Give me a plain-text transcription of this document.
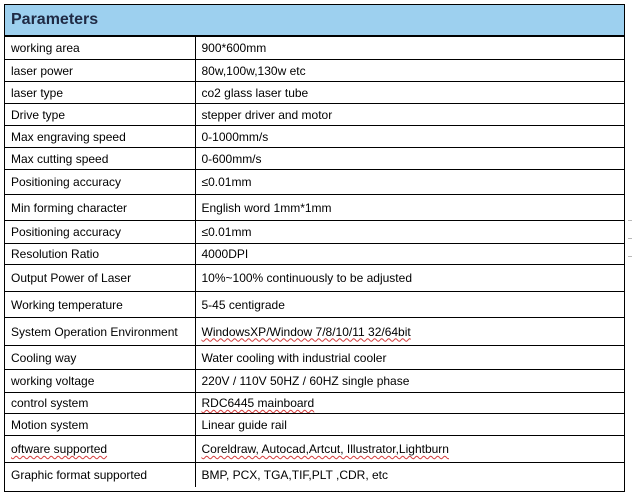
Parameters
working area	900*600mm
laser power	80w,100w,130w etc
laser type	co2 glass laser tube
Drive type	stepper driver and motor
Max engraving speed	0-1000mm/s
Max cutting speed	0-600mm/s
Positioning accuracy	≤0.01mm
Min forming character	English word 1mm*1mm
Positioning accuracy	≤0.01mm
Resolution Ratio	4000DPI
Output Power of Laser	10%~100% continuously to be adjusted
Working temperature	5-45 centigrade
System Operation Environment	WindowsXP/Window 7/8/10/11 32/64bit
Cooling way	Water cooling with industrial cooler
working voltage	220V / 110V 50HZ / 60HZ single phase
control system	RDC6445 mainboard
Motion system	Linear guide rail
oftware supported	Coreldraw, Autocad,Artcut, Illustrator,Lightburn
Graphic format supported	BMP, PCX, TGA,TIF,PLT ,CDR, etc
